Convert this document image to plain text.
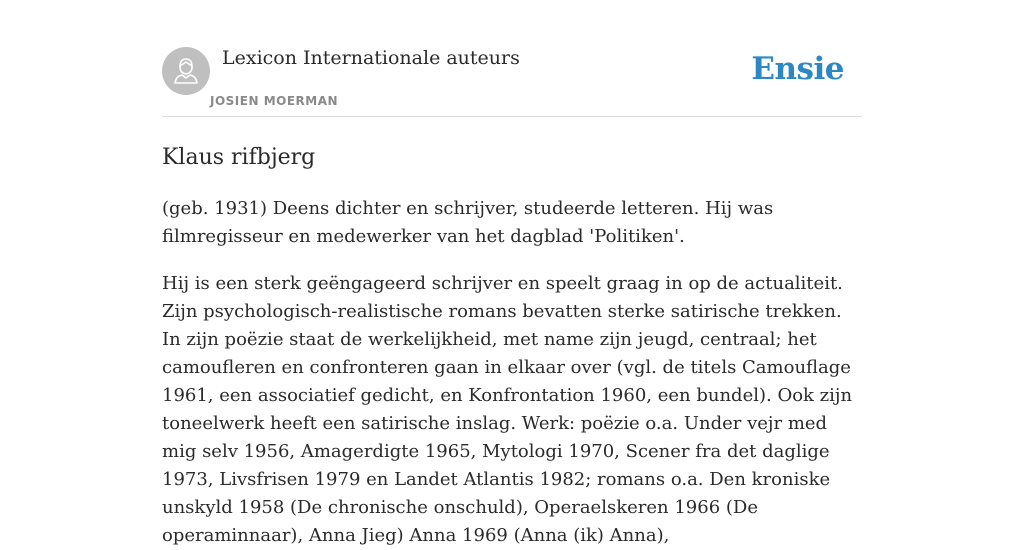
Lexicon Internationale auteurs
JOSIEN MOERMAN
Ensie
Klaus rifbjerg

(geb. 1931) Deens dichter en schrijver, studeerde letteren. Hij was filmregisseur en medewerker van het dagblad 'Politiken'.

Hij is een sterk geëngageerd schrijver en speelt graag in op de actualiteit. Zijn psychologisch-realistische romans bevatten sterke satirische trekken. In zijn poëzie staat de werkelijkheid, met name zijn jeugd, centraal; het camoufleren en confronteren gaan in elkaar over (vgl. de titels Camouflage 1961, een associatief gedicht, en Konfrontation 1960, een bundel). Ook zijn toneelwerk heeft een satirische inslag. Werk: poëzie o.a. Under vejr med mig selv 1956, Amagerdigte 1965, Mytologi 1970, Scener fra det daglige 1973, Livsfrisen 1979 en Landet Atlantis 1982; romans o.a. Den kroniske unskyld 1958 (De chronische onschuld), Operaelskeren 1966 (De operaminnaar), Anna Jieg) Anna 1969 (Anna (ik) Anna),
